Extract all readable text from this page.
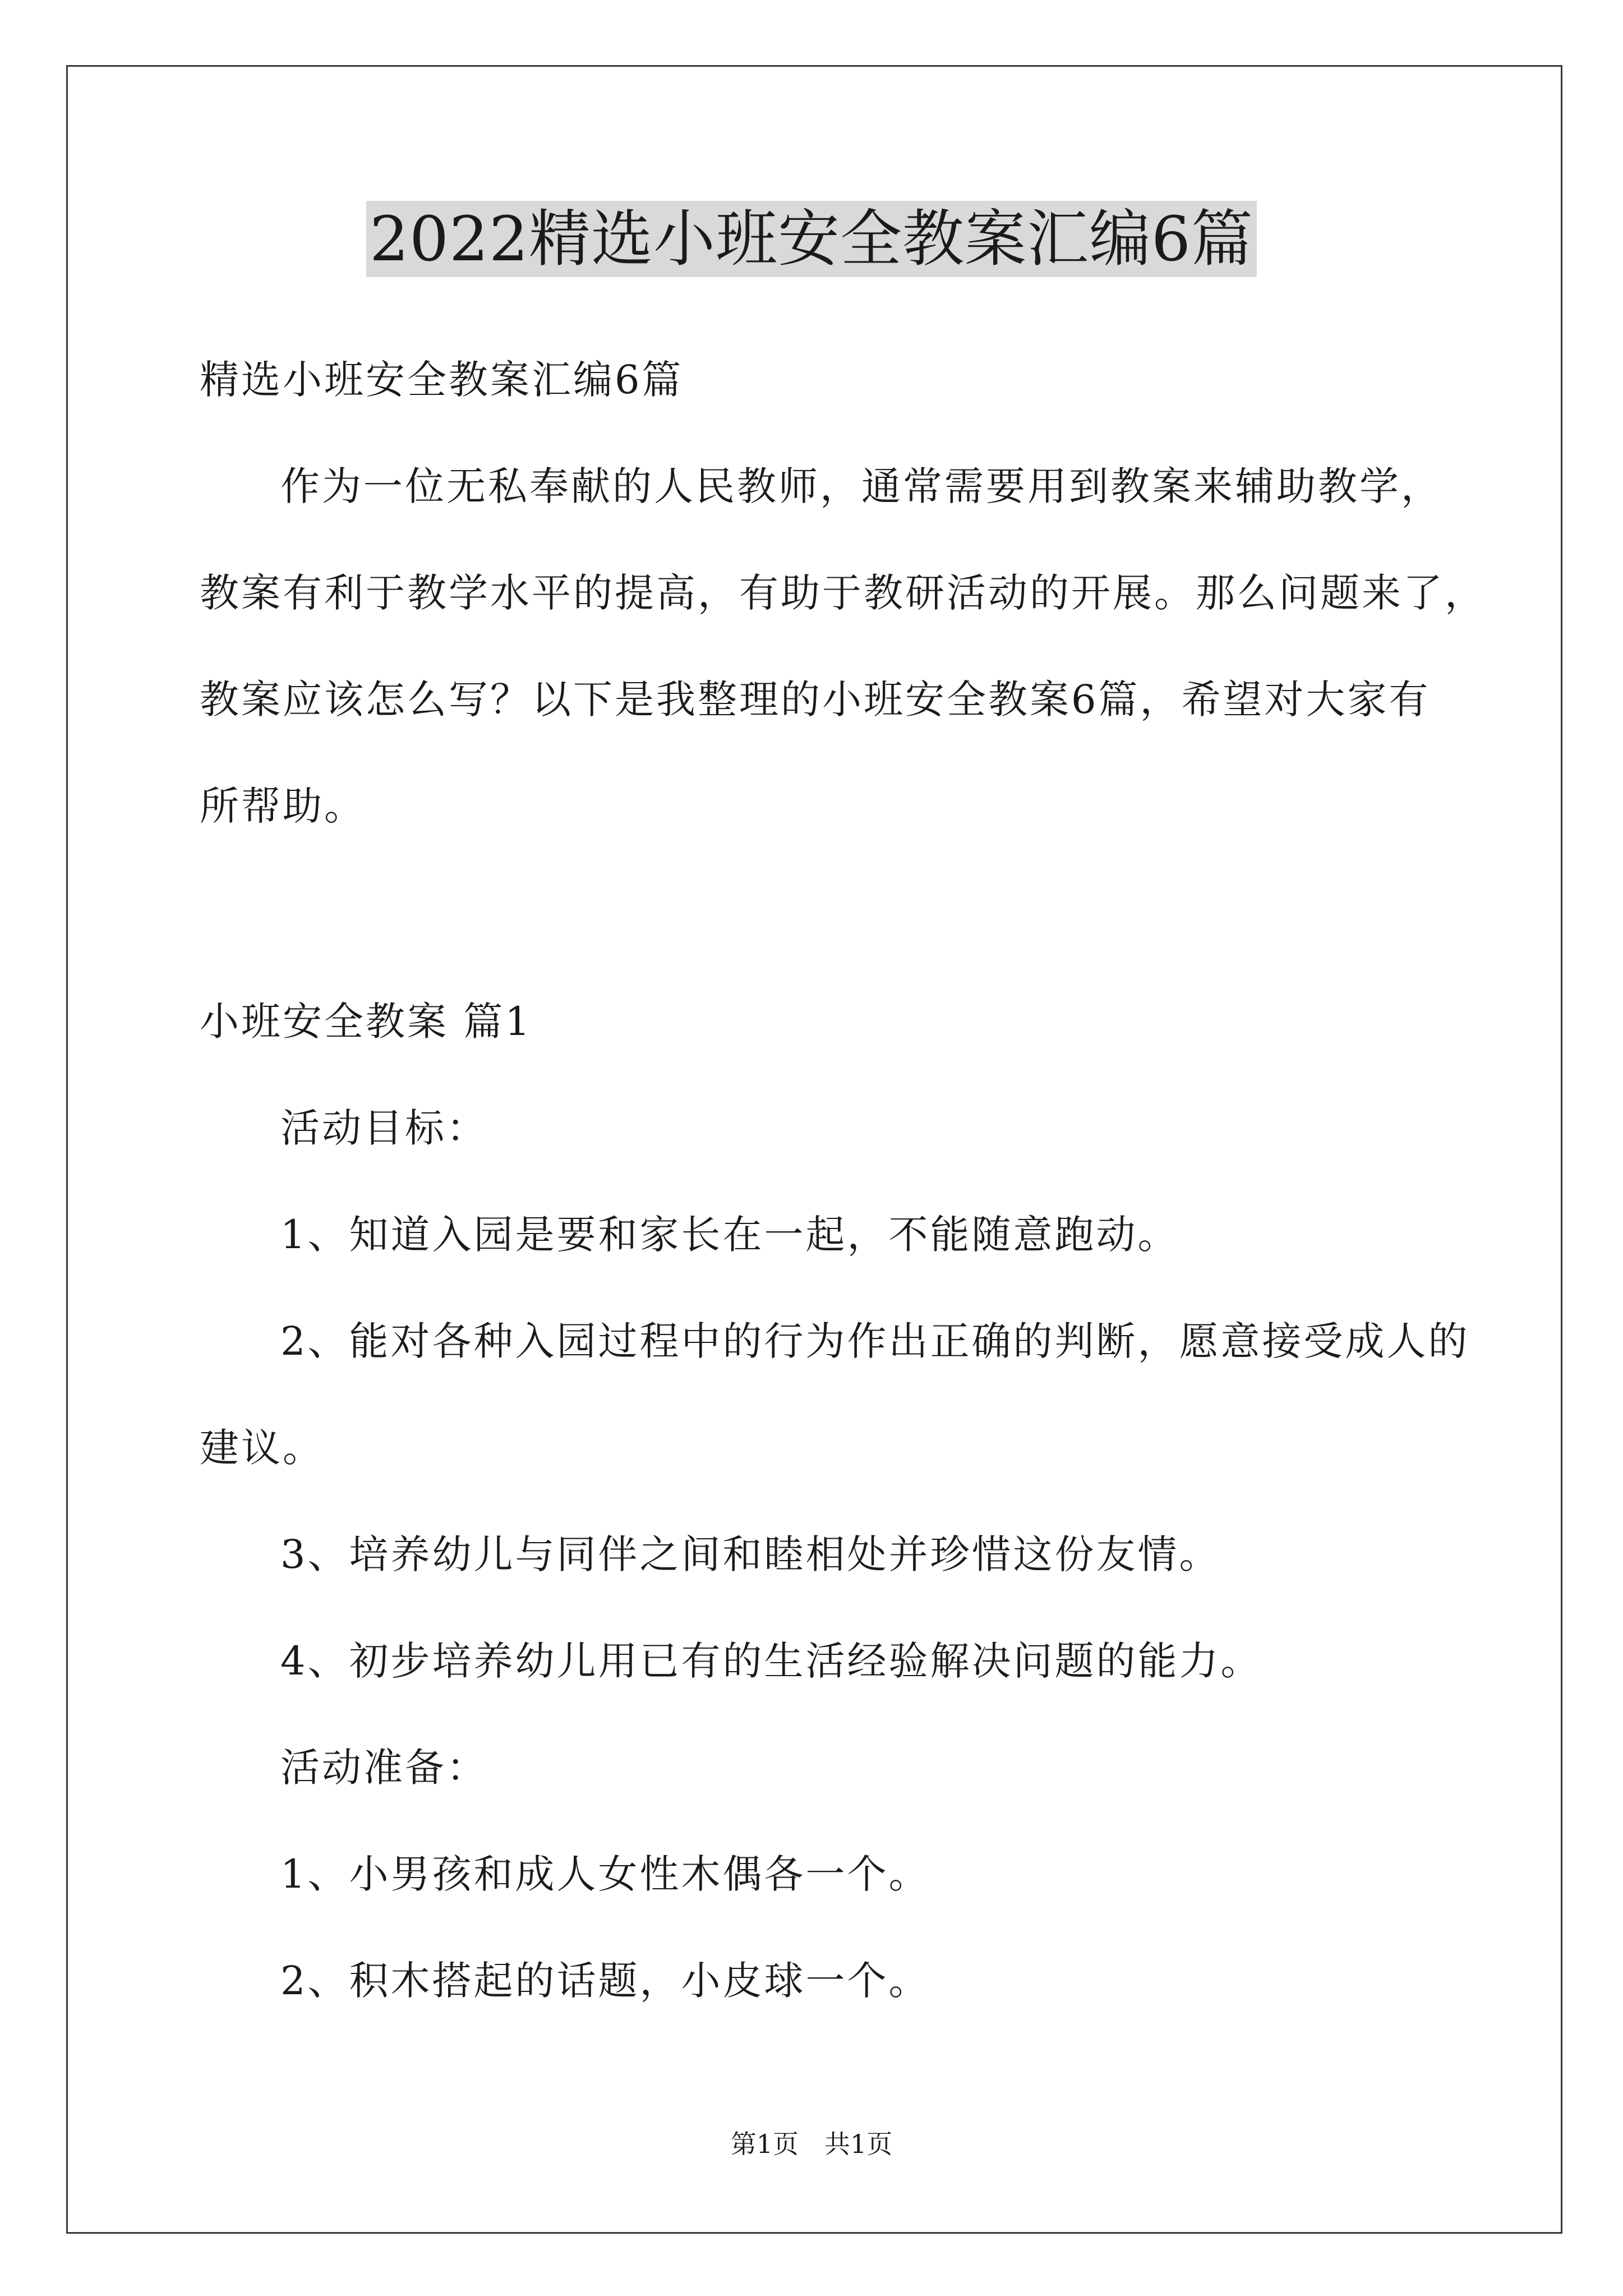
2022精选小班安全教案汇编6篇
精选小班安全教案汇编6篇
作为一位无私奉献的人民教师，通常需要用到教案来辅助教学，
教案有利于教学水平的提高，有助于教研活动的开展。那么问题来了，
教案应该怎么写？以下是我整理的小班安全教案6篇，希望对大家有
所帮助。
小班安全教案 篇1
活动目标：
1、知道入园是要和家长在一起，不能随意跑动。
2、能对各种入园过程中的行为作出正确的判断，愿意接受成人的
建议。
3、培养幼儿与同伴之间和睦相处并珍惜这份友情。
4、初步培养幼儿用已有的生活经验解决问题的能力。
活动准备：
1、小男孩和成人女性木偶各一个。
2、积木搭起的话题，小皮球一个。
第1页　共1页
